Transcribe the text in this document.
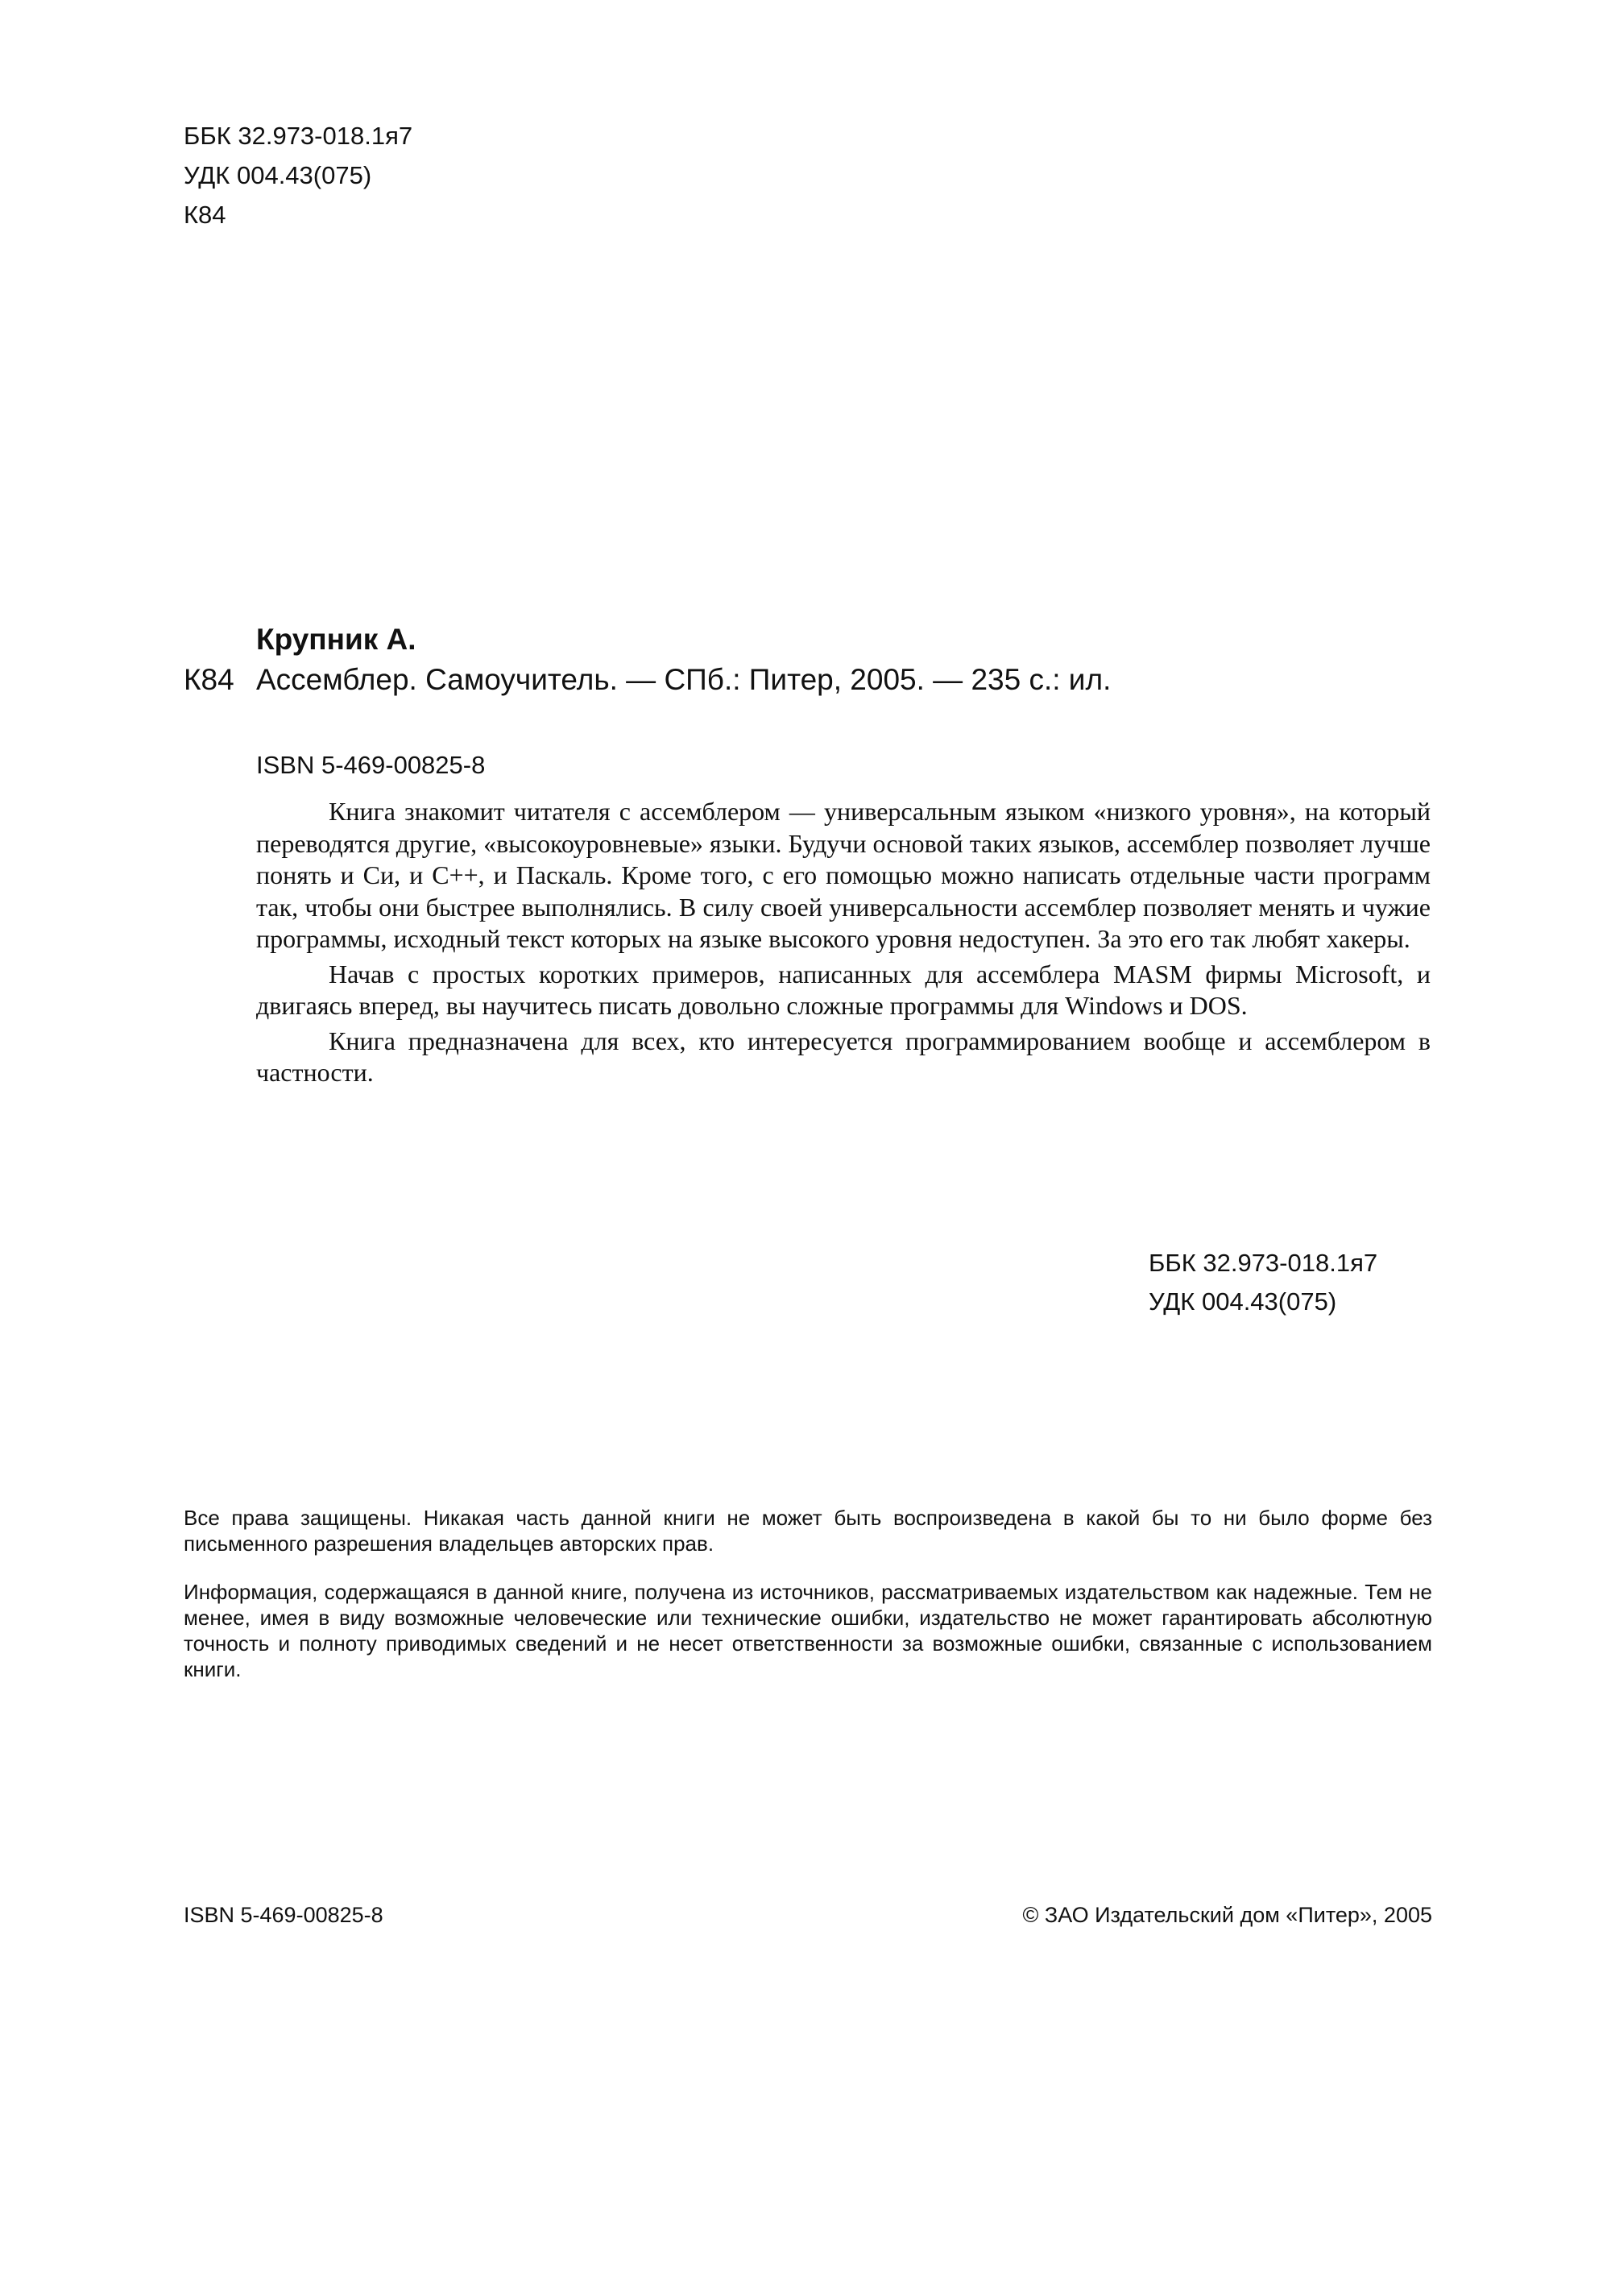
ББК 32.973-018.1я7
УДК 004.43(075)
К84
Крупник А.
К84 Ассемблер. Самоучитель. — СПб.: Питер, 2005. — 235 с.: ил.
ISBN 5-469-00825-8

Книга знакомит читателя с ассемблером — универсальным языком «низкого уровня», на который переводятся другие, «высокоуровневые» языки. Будучи основой таких языков, ассемблер позволяет лучше понять и Си, и С++, и Паскаль. Кроме того, с его помощью можно написать отдельные части программ так, чтобы они быстрее выполнялись. В силу своей универсальности ассемблер позволяет менять и чужие программы, исходный текст которых на языке высокого уровня недоступен. За это его так любят хакеры.

Начав с простых коротких примеров, написанных для ассемблера MASM фирмы Microsoft, и двигаясь вперед, вы научитесь писать довольно сложные программы для Windows и DOS.

Книга предназначена для всех, кто интересуется программированием вообще и ассемблером в частности.

ББК 32.973-018.1я7
УДК 004.43(075)

Все права защищены. Никакая часть данной книги не может быть воспроизведена в какой бы то ни было форме без письменного разрешения владельцев авторских прав.

Информация, содержащаяся в данной книге, получена из источников, рассматриваемых издательством как надежные. Тем не менее, имея в виду возможные человеческие или технические ошибки, издательство не может гарантировать абсолютную точность и полноту приводимых сведений и не несет ответственности за возможные ошибки, связанные с использованием книги.

ISBN 5-469-00825-8	© ЗАО Издательский дом «Питер», 2005
